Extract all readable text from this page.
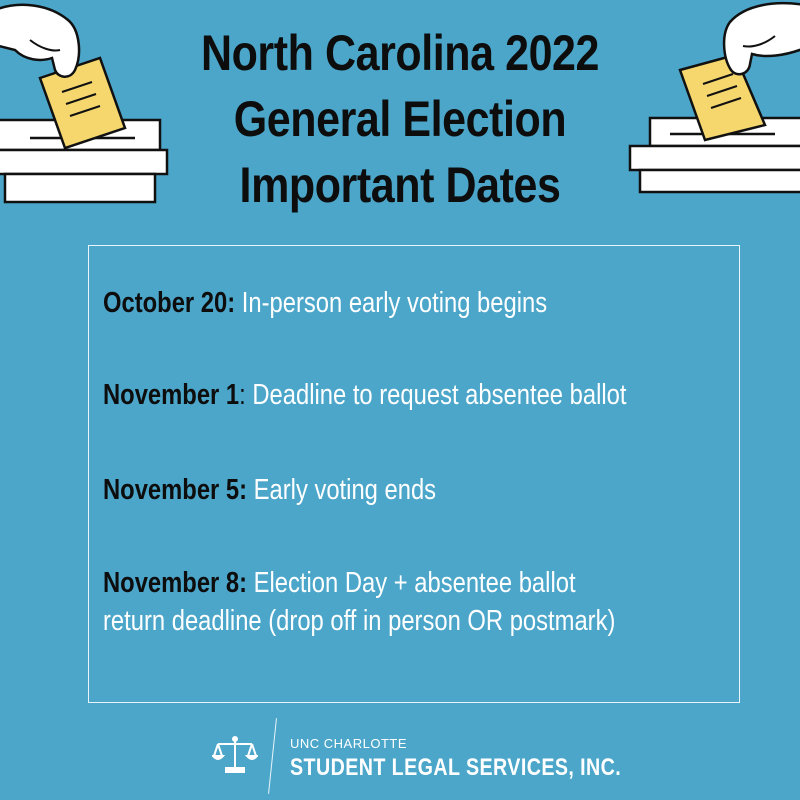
North Carolina 2022
General Election
Important Dates
October 20: In-person early voting begins
November 1: Deadline to request absentee ballot
November 5: Early voting ends
November 8: Election Day + absentee ballot
return deadline (drop off in person OR postmark)
UNC CHARLOTTE
STUDENT LEGAL SERVICES, INC.
